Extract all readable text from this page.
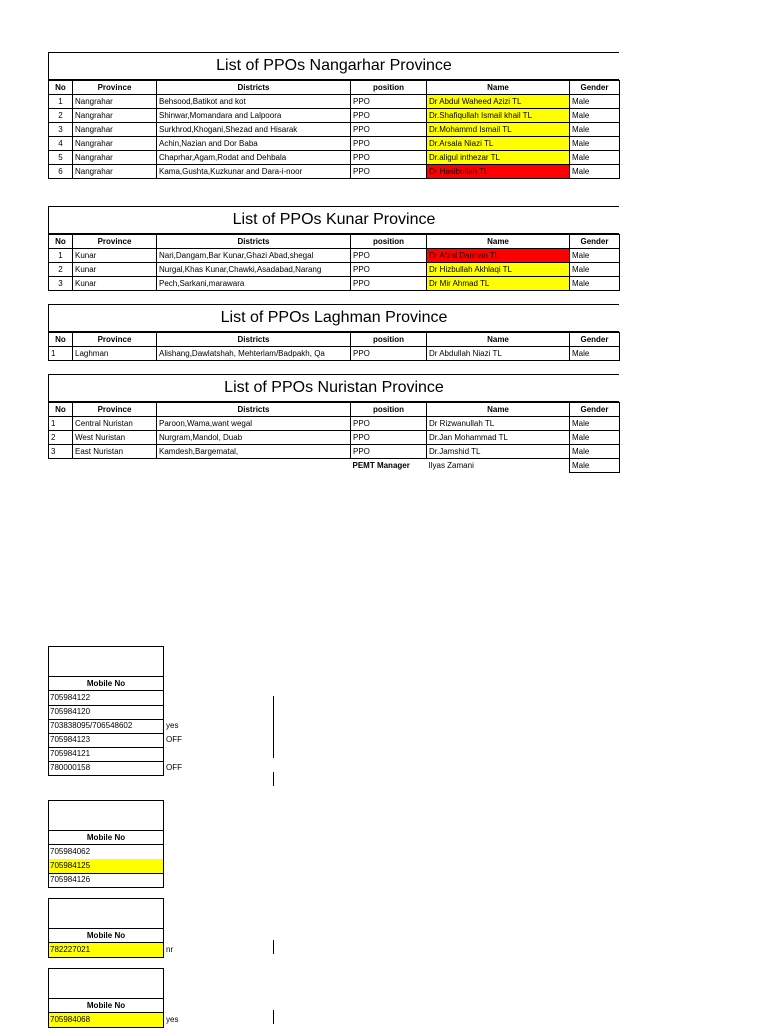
List of PPOs Nangarhar Province
No	Province	Districts	position	Name	Gender
1	Nangrahar	Behsood,Batikot and kot	PPO	Dr Abdul Waheed Azizi TL	Male
2	Nangrahar	Shinwar,Momandara and Lalpoora	PPO	Dr.Shafiqullah Ismail khail TL	Male
3	Nangrahar	Surkhrod,Khogani,Shezad and Hisarak	PPO	Dr.Mohammd Ismail TL	Male
4	Nangrahar	Achin,Nazian and Dor Baba	PPO	Dr.Arsala Niazi TL	Male
5	Nangrahar	Chaprhar,Agam,Rodat and Dehbala	PPO	Dr.aligul inthezar TL	Male
6	Nangrahar	Kama,Gushta,Kuzkunar and Dara-i-noor	PPO	Dr Hasibullah TL	Male
List of PPOs Kunar Province
No	Province	Districts	position	Name	Gender
1	Kunar	Nari,Dangam,Bar Kunar,Ghazi Abad,shegal	PPO	Dr Afzal Darman TL	Male
2	Kunar	Nurgal,Khas Kunar,Chawki,Asadabad,Narang	PPO	Dr Hizbullah Akhlaqi TL	Male
3	Kunar	Pech,Sarkani,marawara	PPO	Dr Mir Ahmad TL	Male
List of PPOs Laghman Province
No	Province	Districts	position	Name	Gender
1	Laghman	Alishang,Dawlatshah, Mehterlam/Badpakh, Qa	PPO	Dr Abdullah Niazi TL	Male
List of PPOs Nuristan Province
No	Province	Districts	position	Name	Gender
1	Central Nuristan	Paroon,Wama,want wegal	PPO	Dr Rizwanullah TL	Male
2	West Nuristan	Nurgram,Mandol, Duab	PPO	Dr.Jan Mohammad TL	Male
3	East Nuristan	Kamdesh,Bargematal,	PPO	Dr.Jamshid TL	Male
			PEMT Manager	Ilyas Zamani	Male
Mobile No
705984122
705984120
703838095/706548602	yes
705984123	OFF
705984121
780000158	OFF
Mobile No
705984062
705984125
705984126
Mobile No
782227021	nr
Mobile No
705984068	yes
